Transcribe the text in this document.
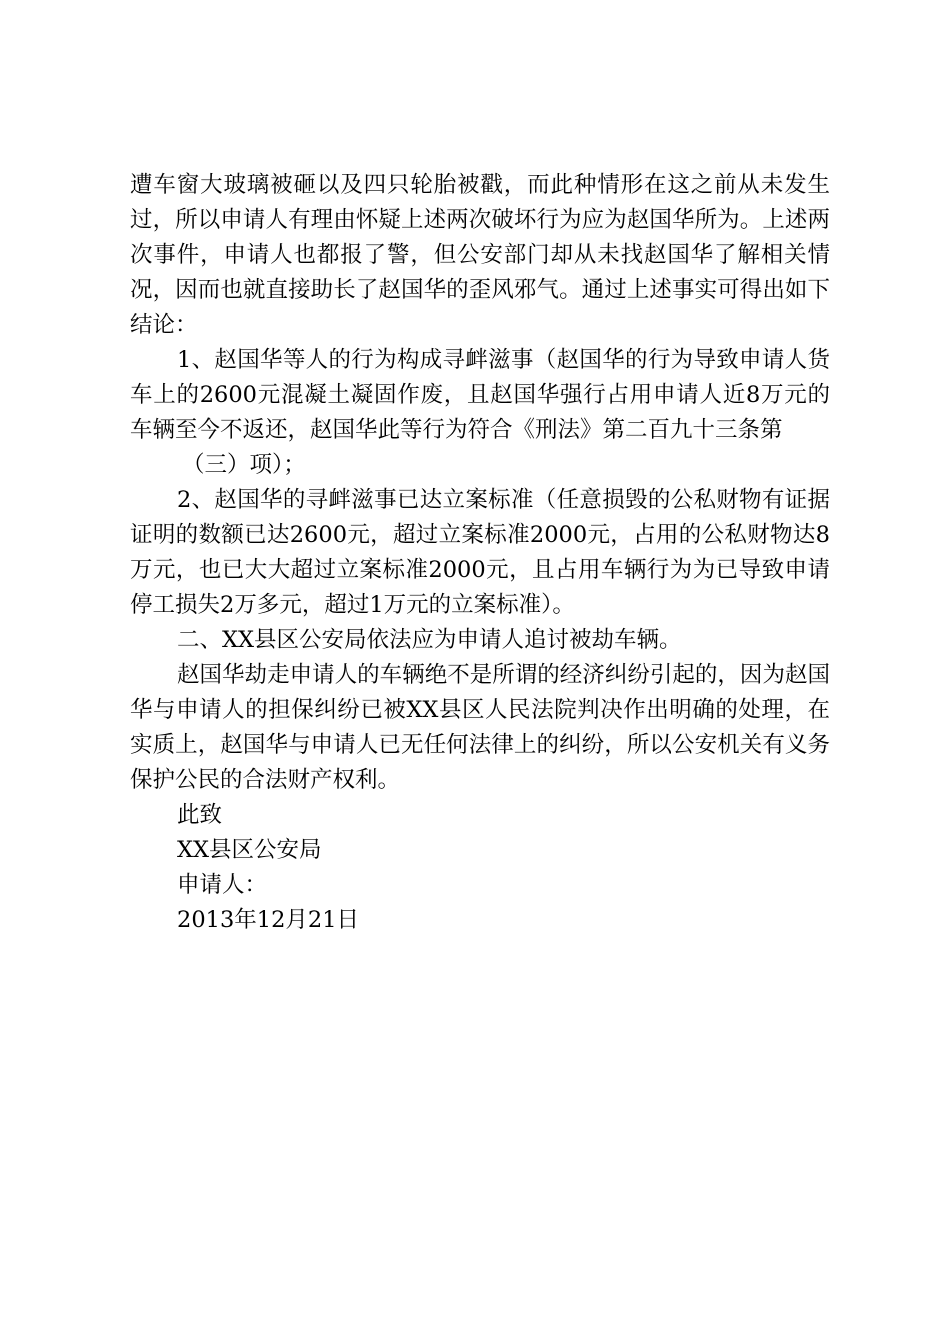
遭车窗大玻璃被砸以及四只轮胎被戳，而此种情形在这之前从未发生过，所以申请人有理由怀疑上述两次破坏行为应为赵国华所为。上述两次事件，申请人也都报了警，但公安部门却从未找赵国华了解相关情况，因而也就直接助长了赵国华的歪风邪气。通过上述事实可得出如下结论：

1、赵国华等人的行为构成寻衅滋事（赵国华的行为导致申请人货车上的2600元混凝土凝固作废，且赵国华强行占用申请人近8万元的车辆至今不返还，赵国华此等行为符合《刑法》第二百九十三条第

（三）项）；

2、赵国华的寻衅滋事已达立案标准（任意损毁的公私财物有证据证明的数额已达2600元，超过立案标准2000元，占用的公私财物达8万元，也已大大超过立案标准2000元，且占用车辆行为为已导致申请停工损失2万多元，超过1万元的立案标准）。

二、XX县区公安局依法应为申请人追讨被劫车辆。

赵国华劫走申请人的车辆绝不是所谓的经济纠纷引起的，因为赵国华与申请人的担保纠纷已被XX县区人民法院判决作出明确的处理，在实质上，赵国华与申请人已无任何法律上的纠纷，所以公安机关有义务保护公民的合法财产权利。

此致

XX县区公安局

申请人：

2013年12月21日
